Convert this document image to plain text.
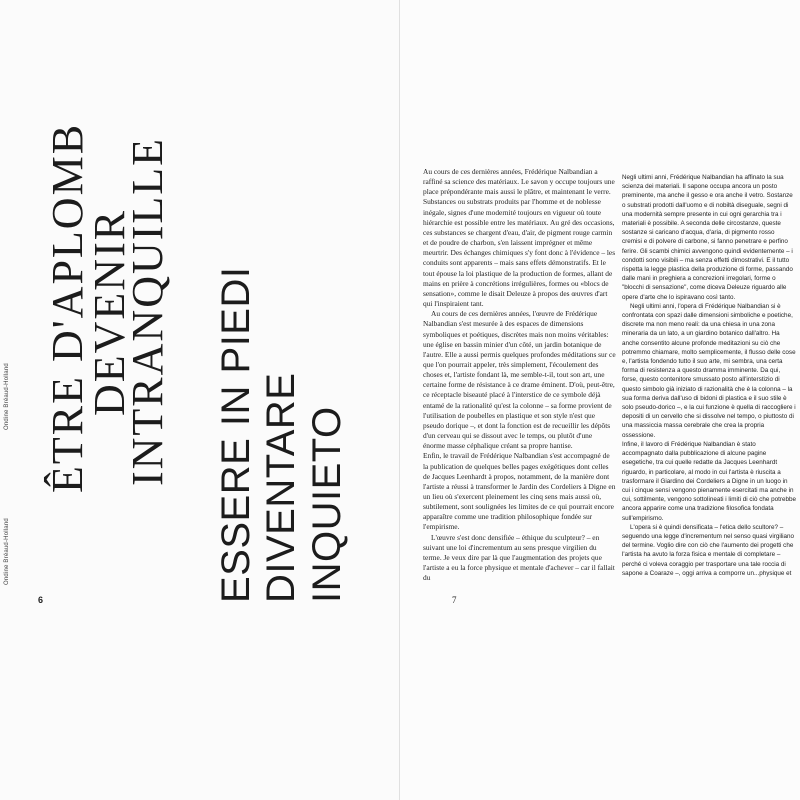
Ondine Bréaud-Holland
Ondine Bréaud-Holland
ÊTRE D'APLOMB
DEVENIR
INTRANQUILLE ESSERE IN PIEDI DIVENTARE INQUIETO
6	7

Au cours de ces dernières années, Frédérique Nalbandian a raffiné sa science des matériaux. Le savon y occupe toujours une place prépondérante mais aussi le plâtre, et maintenant le verre. Substances ou substrats produits par l'homme et de noblesse inégale, signes d'une modernité toujours en vigueur où toute hiérarchie est possible entre les matériaux. Au gré des occasions, ces substances se chargent d'eau, d'air, de pigment rouge carmin et de poudre de charbon, s'en laissent imprégner et même meurtrir. Des échanges chimiques s'y font donc à l'évidence – les conduits sont apparents – mais sans effets démonstratifs. Et le tout épouse la loi plastique de la production de formes, allant de mains en prière à concrétions irrégulières, formes ou «blocs de sensation», comme le disait Deleuze à propos des œuvres d'art qui l'inspiraient tant.

Au cours de ces dernières années, l'œuvre de Frédérique Nalbandian s'est mesurée à des espaces de dimensions symboliques et poétiques, discrètes mais non moins véritables: une église en bassin minier d'un côté, un jardin botanique de l'autre. Elle a aussi permis quelques profondes méditations sur ce que l'on pourrait appeler, très simplement, l'écoulement des choses et, l'artiste fondant là, me semble-t-il, tout son art, une certaine forme de résistance à ce drame éminent. D'où, peut-être, ce réceptacle biseauté placé à l'interstice de ce symbole déjà entamé de la rationalité qu'est la colonne – sa forme provient de l'utilisation de poubelles en plastique et son style n'est que pseudo dorique –, et dont la fonction est de recueillir les dépôts d'un cerveau qui se dissout avec le temps, ou plutôt d'une énorme masse céphalique créant sa propre hantise.

Enfin, le travail de Frédérique Nalbandian s'est accompagné de la publication de quelques belles pages exégétiques dont celles de Jacques Leenhardt à propos, notamment, de la manière dont l'artiste a réussi à transformer le Jardin des Cordeliers à Digne en un lieu où s'exercent pleinement les cinq sens mais aussi où, subtilement, sont soulignées les limites de ce qui pourrait encore apparaître comme une tradition philosophique fondée sur l'empirisme.

L'œuvre s'est donc densifiée – éthique du sculpteur? – en suivant une loi d'incrementum au sens presque virgilien du terme. Je veux dire par là que l'augmentation des projets que l'artiste a eu la force physique et mentale d'achever – car il fallait du

Negli ultimi anni, Frédérique Nalbandian ha affinato la sua scienza dei materiali. Il sapone occupa ancora un posto preminente, ma anche il gesso e ora anche il vetro. Sostanze o substrati prodotti dall'uomo e di nobiltà diseguale, segni di una modernità sempre presente in cui ogni gerarchia tra i materiali è possibile. A seconda delle circostanze, queste sostanze si caricano d'acqua, d'aria, di pigmento rosso cremisi e di polvere di carbone, si fanno penetrare e perfino ferire. Gli scambi chimici avvengono quindi evidentemente – i condotti sono visibili – ma senza effetti dimostrativi. E il tutto rispetta la legge plastica della produzione di forme, passando dalle mani in preghiera a concrezioni irregolari, forme o "blocchi di sensazione", come diceva Deleuze riguardo alle opere d'arte che lo ispiravano così tanto.

Negli ultimi anni, l'opera di Frédérique Nalbandian si è confrontata con spazi dalle dimensioni simboliche e poetiche, discrete ma non meno reali: da una chiesa in una zona mineraria da un lato, a un giardino botanico dall'altro. Ha anche consentito alcune profonde meditazioni su ciò che potremmo chiamare, molto semplicemente, il flusso delle cose e, l'artista fondendo tutto il suo arte, mi sembra, una certa forma di resistenza a questo dramma imminente. Da qui, forse, questo contenitore smussato posto all'interstizio di questo simbolo già iniziato di razionalità che è la colonna – la sua forma deriva dall'uso di bidoni di plastica e il suo stile è solo pseudo-dorico –, e la cui funzione è quella di raccogliere i depositi di un cervello che si dissolve nel tempo, o piuttosto di una massiccia massa cerebrale che crea la propria ossessione.

Infine, il lavoro di Frédérique Nalbandian è stato accompagnato dalla pubblicazione di alcune pagine esegetiche, tra cui quelle redatte da Jacques Leenhardt riguardo, in particolare, al modo in cui l'artista è riuscita a trasformare il Giardino dei Cordeliers a Digne in un luogo in cui i cinque sensi vengono pienamente esercitati ma anche in cui, sottilmente, vengono sottolineati i limiti di ciò che potrebbe ancora apparire come una tradizione filosofica fondata sull'empirismo.

L'opera si è quindi densificata – l'etica dello scultore? – seguendo una legge d'incrementum nel senso quasi virgiliano del termine. Voglio dire con ciò che l'aumento dei progetti che l'artista ha avuto la forza fisica e mentale di completare – perché ci voleva coraggio per trasportare una tale roccia di sapone a Coaraze –, oggi arriva a comporre un...physique et
